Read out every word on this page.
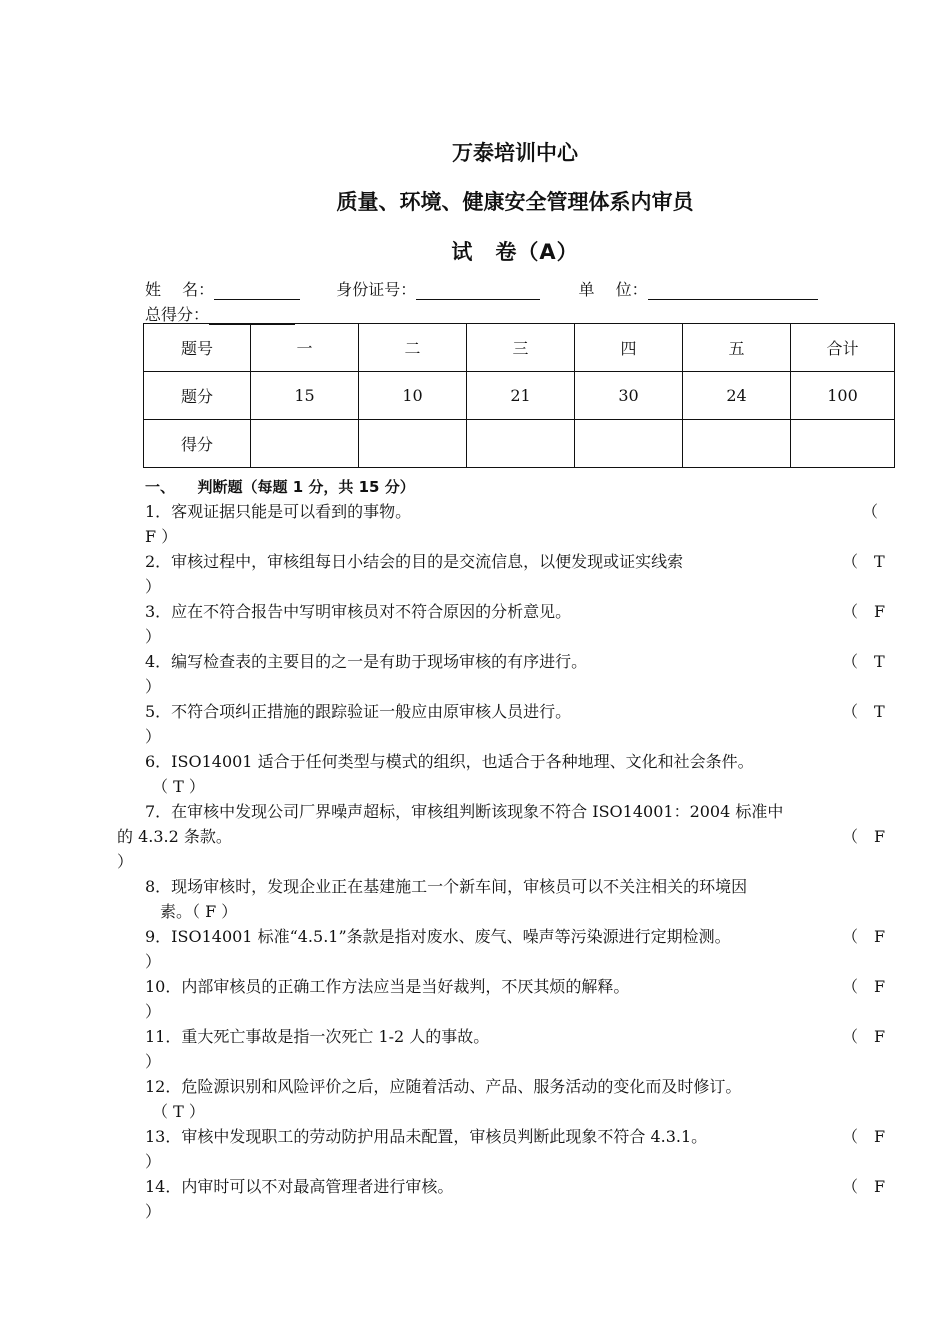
万泰培训中心
质量、环境、健康安全管理体系内审员
试　卷（A）
姓　 名：	身份证号：	单　 位：
总得分：
题号	一	二	三	四	五	合计
题分	15	10	21	30	24	100
得分						
一、　　判断题（每题 1 分，共 15 分）
1．客观证据只能是可以看到的事物。	（
F ）
2．审核过程中，审核组每日小结会的目的是交流信息，以便发现或证实线索	（　T
）
3．应在不符合报告中写明审核员对不符合原因的分析意见。	（　F
）
4．编写检查表的主要目的之一是有助于现场审核的有序进行。	（　T
）
5．不符合项纠正措施的跟踪验证一般应由原审核人员进行。	（　T
）
6．ISO14001 适合于任何类型与模式的组织，也适合于各种地理、文化和社会条件。
（ T ）
7．在审核中发现公司厂界噪声超标，审核组判断该现象不符合 ISO14001：2004 标准中
的 4.3.2 条款。	（　F
）
8．现场审核时，发现企业正在基建施工一个新车间，审核员可以不关注相关的环境因
素。（ F ）
9．ISO14001 标准“4.5.1”条款是指对废水、废气、噪声等污染源进行定期检测。	（　F
）
10．内部审核员的正确工作方法应当是当好裁判，不厌其烦的解释。	（　F
）
11．重大死亡事故是指一次死亡 1-2 人的事故。	（　F
）
12．危险源识别和风险评价之后，应随着活动、产品、服务活动的变化而及时修订。
（ T ）
13．审核中发现职工的劳动防护用品未配置，审核员判断此现象不符合 4.3.1。	（　F
）
14．内审时可以不对最高管理者进行审核。	（　F
）
